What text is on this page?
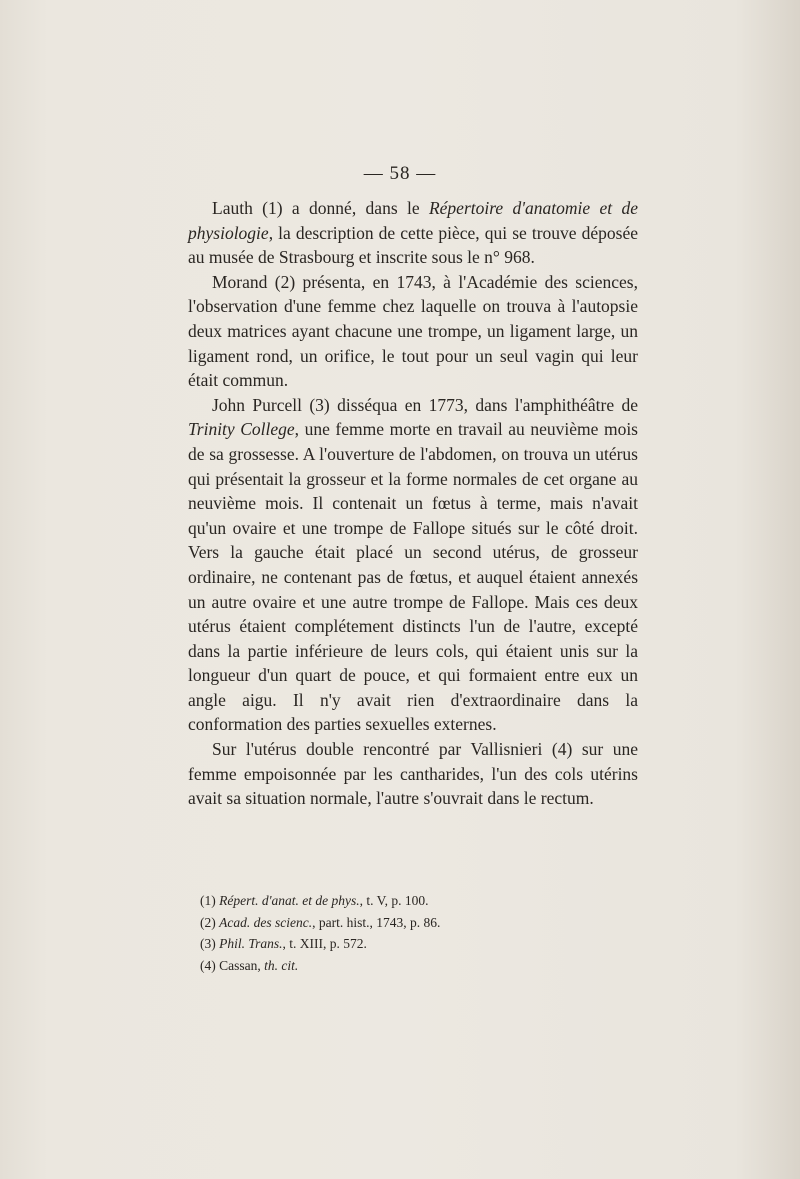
— 58 —

Lauth (1) a donné, dans le Répertoire d'anatomie et de physiologie, la description de cette pièce, qui se trouve déposée au musée de Strasbourg et inscrite sous le n° 968.

Morand (2) présenta, en 1743, à l'Académie des sciences, l'observation d'une femme chez laquelle on trouva à l'autopsie deux matrices ayant chacune une trompe, un ligament large, un ligament rond, un orifice, le tout pour un seul vagin qui leur était commun.

John Purcell (3) disséqua en 1773, dans l'amphithéâtre de Trinity College, une femme morte en travail au neuvième mois de sa grossesse. A l'ouverture de l'abdomen, on trouva un utérus qui présentait la grosseur et la forme normales de cet organe au neuvième mois. Il contenait un fœtus à terme, mais n'avait qu'un ovaire et une trompe de Fallope situés sur le côté droit. Vers la gauche était placé un second utérus, de grosseur ordinaire, ne contenant pas de fœtus, et auquel étaient annexés un autre ovaire et une autre trompe de Fallope. Mais ces deux utérus étaient complétement distincts l'un de l'autre, excepté dans la partie inférieure de leurs cols, qui étaient unis sur la longueur d'un quart de pouce, et qui formaient entre eux un angle aigu. Il n'y avait rien d'extraordinaire dans la conformation des parties sexuelles externes.

Sur l'utérus double rencontré par Vallisnieri (4) sur une femme empoisonnée par les cantharides, l'un des cols utérins avait sa situation normale, l'autre s'ouvrait dans le rectum.

(1) Répert. d'anat. et de phys., t. V, p. 100.

(2) Acad. des scienc., part. hist., 1743, p. 86.

(3) Phil. Trans., t. XIII, p. 572.

(4) Cassan, th. cit.
